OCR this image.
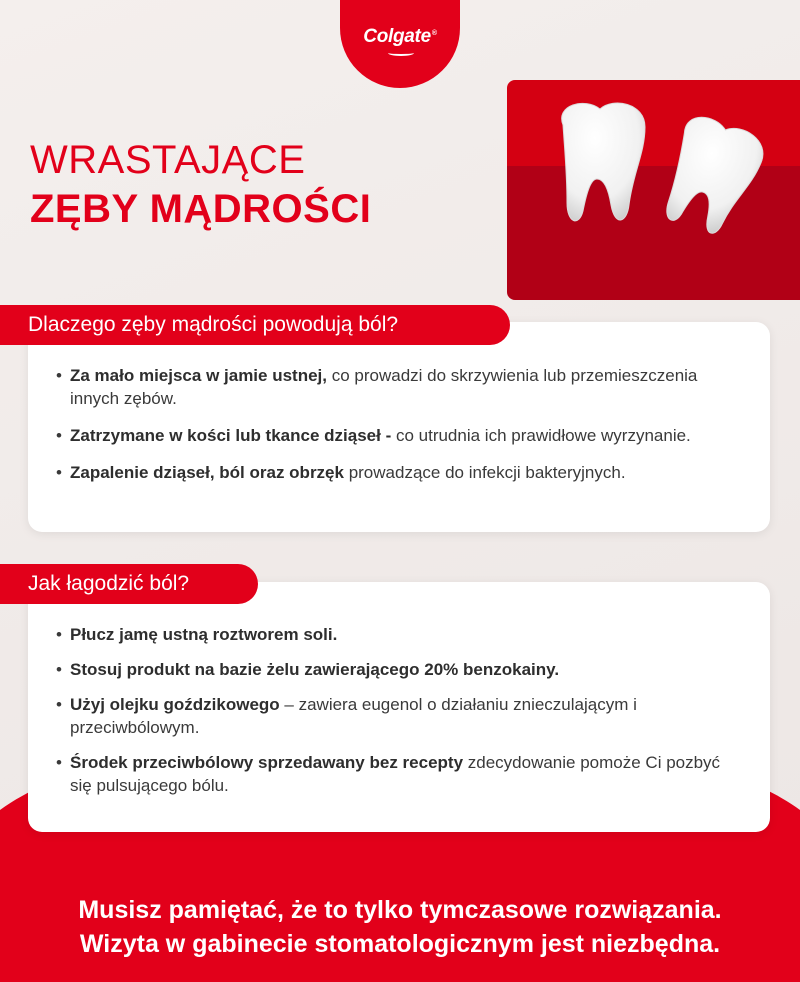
Colgate®
WRASTAJĄCE
ZĘBY MĄDROŚCI
Dlaczego zęby mądrości powodują ból?
• Za mało miejsca w jamie ustnej, co prowadzi do skrzywienia lub przemieszczenia innych zębów.
• Zatrzymane w kości lub tkance dziąseł - co utrudnia ich prawidłowe wyrzynanie.
• Zapalenie dziąseł, ból oraz obrzęk prowadzące do infekcji bakteryjnych.
Jak łagodzić ból?
• Płucz jamę ustną roztworem soli.
• Stosuj produkt na bazie żelu zawierającego 20% benzokainy.
• Użyj olejku goździkowego – zawiera eugenol o działaniu znieczulającym i przeciwbólowym.
• Środek przeciwbólowy sprzedawany bez recepty zdecydowanie pomoże Ci pozbyć się pulsującego bólu.
Musisz pamiętać, że to tylko tymczasowe rozwiązania.
Wizyta w gabinecie stomatologicznym jest niezbędna.
